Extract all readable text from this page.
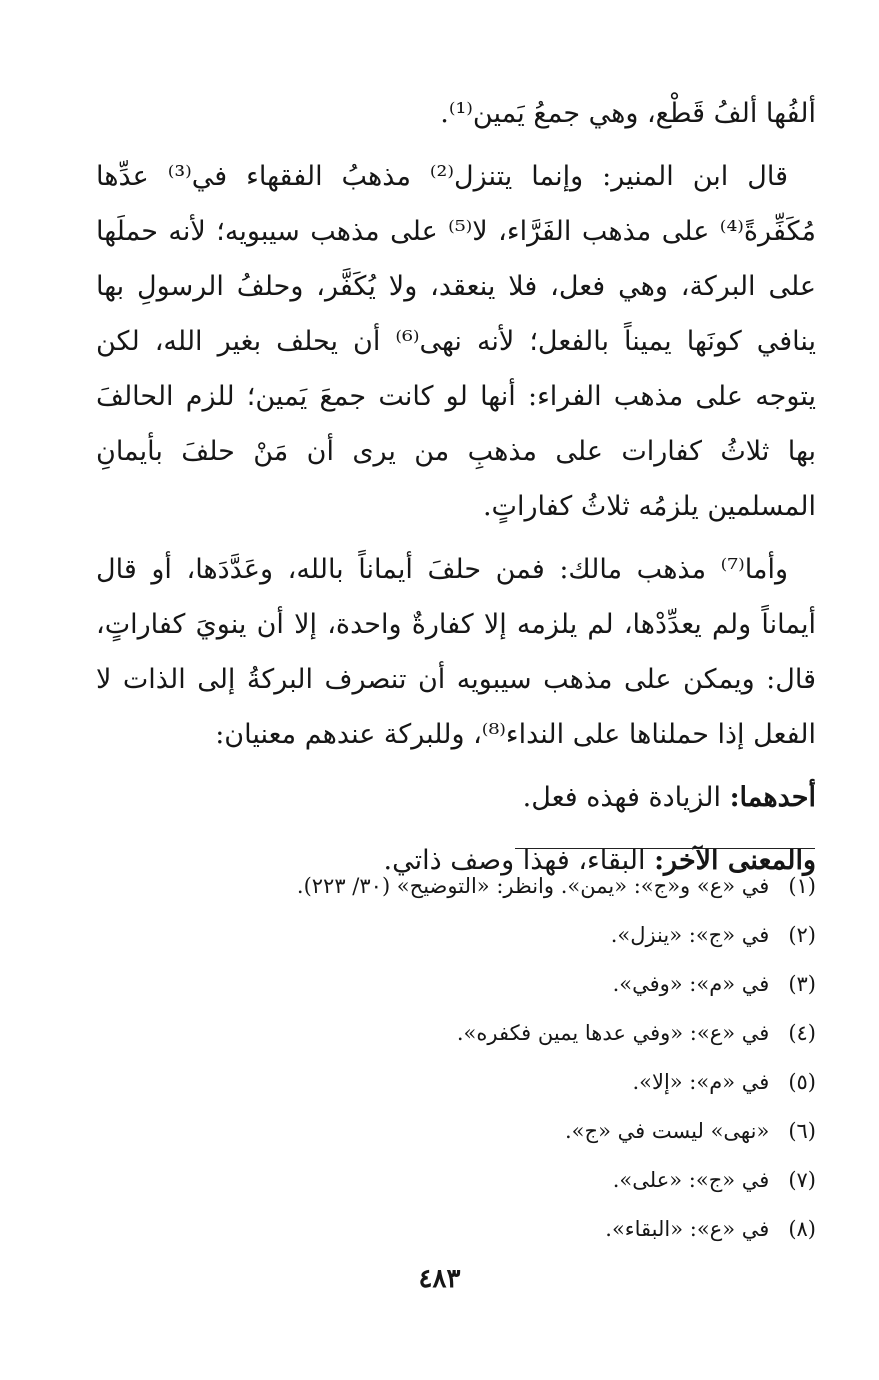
ألفُها ألفُ قَطْع، وهي جمعُ يَمين⁽¹⁾.

قال ابن المنير: وإنما يتنزل⁽²⁾ مذهبُ الفقهاء في⁽³⁾ عدِّها مُكَفِّرةً⁽⁴⁾ على مذهب الفَرَّاء، لا⁽⁵⁾ على مذهب سيبويه؛ لأنه حملَها على البركة، وهي فعل، فلا ينعقد، ولا يُكَفَّر، وحلفُ الرسولِ بها ينافي كونَها يميناً بالفعل؛ لأنه نهى⁽⁶⁾ أن يحلف بغير الله، لكن يتوجه على مذهب الفراء: أنها لو كانت جمعَ يَمين؛ للزم الحالفَ بها ثلاثُ كفارات على مذهبِ من يرى أن مَنْ حلفَ بأيمانِ المسلمين يلزمُه ثلاثُ كفاراتٍ.

وأما⁽⁷⁾ مذهب مالك: فمن حلفَ أيماناً بالله، وعَدَّدَها، أو قال أيماناً ولم يعدِّدْها، لم يلزمه إلا كفارةٌ واحدة، إلا أن ينويَ كفاراتٍ، قال: ويمكن على مذهب سيبويه أن تنصرف البركةُ إلى الذات لا الفعل إذا حملناها على النداء⁽⁸⁾، وللبركة عندهم معنيان:

أحدهما: الزيادة فهذه فعل.

والمعنى الآخر: البقاء، فهذا وصف ذاتي.

(١) في «ع» و«ج»: «يمن». وانظر: «التوضيح» (٣٠/ ٢٢٣).
(٢) في «ج»: «ينزل».
(٣) في «م»: «وفي».
(٤) في «ع»: «وفي عدها يمين فكفره».
(٥) في «م»: «إلا».
(٦) «نهى» ليست في «ج».
(٧) في «ج»: «على».
(٨) في «ع»: «البقاء».
٤٨٣
